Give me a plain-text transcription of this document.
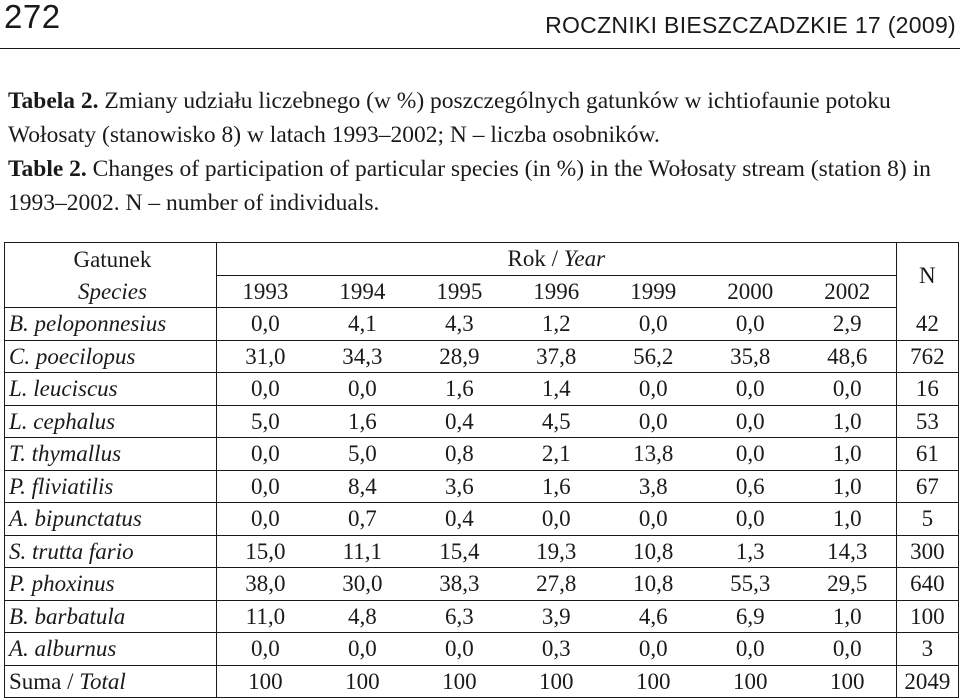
272	ROCZNIKI BIESZCZADZKIE 17 (2009)

Tabela 2. Zmiany udziału liczebnego (w %) poszczególnych gatunków w ichtiofaunie potoku Wołosaty (stanowisko 8) w latach 1993–2002; N – liczba osobników.

Table 2. Changes of participation of particular species (in %) in the Wołosaty stream (station 8) in 1993–2002. N – number of individuals.

Gatunek	Rok / Year							N
Species	1993	1994	1995	1996	1999	2000	2002	
B. peloponnesius	0,0	4,1	4,3	1,2	0,0	0,0	2,9	42
C. poecilopus	31,0	34,3	28,9	37,8	56,2	35,8	48,6	762
L. leuciscus	0,0	0,0	1,6	1,4	0,0	0,0	0,0	16
L. cephalus	5,0	1,6	0,4	4,5	0,0	0,0	1,0	53
T. thymallus	0,0	5,0	0,8	2,1	13,8	0,0	1,0	61
P. fliviatilis	0,0	8,4	3,6	1,6	3,8	0,6	1,0	67
A. bipunctatus	0,0	0,7	0,4	0,0	0,0	0,0	1,0	5
S. trutta fario	15,0	11,1	15,4	19,3	10,8	1,3	14,3	300
P. phoxinus	38,0	30,0	38,3	27,8	10,8	55,3	29,5	640
B. barbatula	11,0	4,8	6,3	3,9	4,6	6,9	1,0	100
A. alburnus	0,0	0,0	0,0	0,3	0,0	0,0	0,0	3
Suma / Total	100	100	100	100	100	100	100	2049
